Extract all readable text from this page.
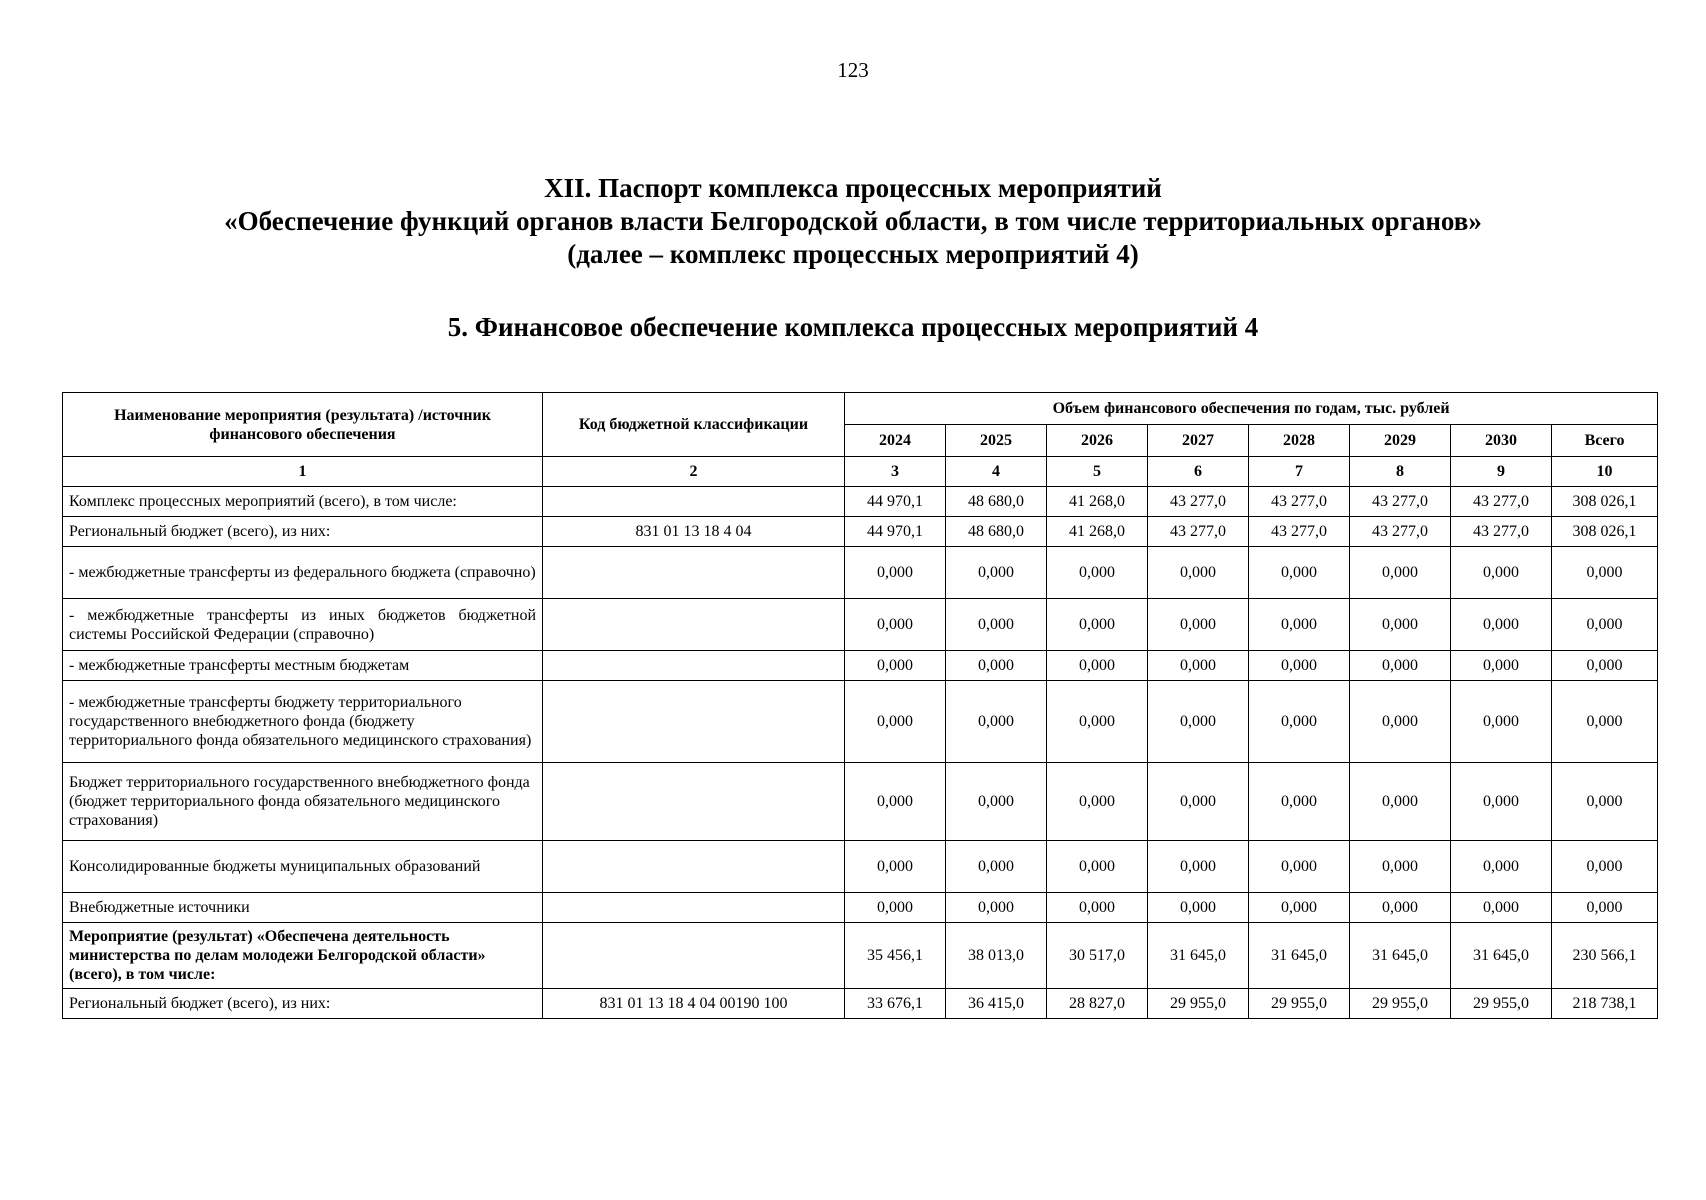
123
XII. Паспорт комплекса процессных мероприятий
«Обеспечение функций органов власти Белгородской области, в том числе территориальных органов»
(далее – комплекс процессных мероприятий 4)
5. Финансовое обеспечение комплекса процессных мероприятий 4
Наименование мероприятия (результата) /источник финансового обеспечения	Код бюджетной классификации	Объем финансового обеспечения по годам, тыс. рублей							
		2024	2025	2026	2027	2028	2029	2030	Всего
1	2	3	4	5	6	7	8	9	10
Комплекс процессных мероприятий (всего), в том числе:		44 970,1	48 680,0	41 268,0	43 277,0	43 277,0	43 277,0	43 277,0	308 026,1
Региональный бюджет (всего), из них:	831 01 13 18 4 04	44 970,1	48 680,0	41 268,0	43 277,0	43 277,0	43 277,0	43 277,0	308 026,1
- межбюджетные трансферты из федерального бюджета (справочно)		0,000	0,000	0,000	0,000	0,000	0,000	0,000	0,000
- межбюджетные трансферты из иных бюджетов бюджетной системы Российской Федерации (справочно)		0,000	0,000	0,000	0,000	0,000	0,000	0,000	0,000
- межбюджетные трансферты местным бюджетам		0,000	0,000	0,000	0,000	0,000	0,000	0,000	0,000
- межбюджетные трансферты бюджету территориального государственного внебюджетного фонда (бюджету территориального фонда обязательного медицинского страхования)		0,000	0,000	0,000	0,000	0,000	0,000	0,000	0,000
Бюджет территориального государственного внебюджетного фонда (бюджет территориального фонда обязательного медицинского страхования)		0,000	0,000	0,000	0,000	0,000	0,000	0,000	0,000
Консолидированные бюджеты муниципальных образований		0,000	0,000	0,000	0,000	0,000	0,000	0,000	0,000
Внебюджетные источники		0,000	0,000	0,000	0,000	0,000	0,000	0,000	0,000
Мероприятие (результат) «Обеспечена деятельность министерства по делам молодежи Белгородской области» (всего), в том числе:		35 456,1	38 013,0	30 517,0	31 645,0	31 645,0	31 645,0	31 645,0	230 566,1
Региональный бюджет (всего), из них:	831 01 13 18 4 04 00190 100	33 676,1	36 415,0	28 827,0	29 955,0	29 955,0	29 955,0	29 955,0	218 738,1
